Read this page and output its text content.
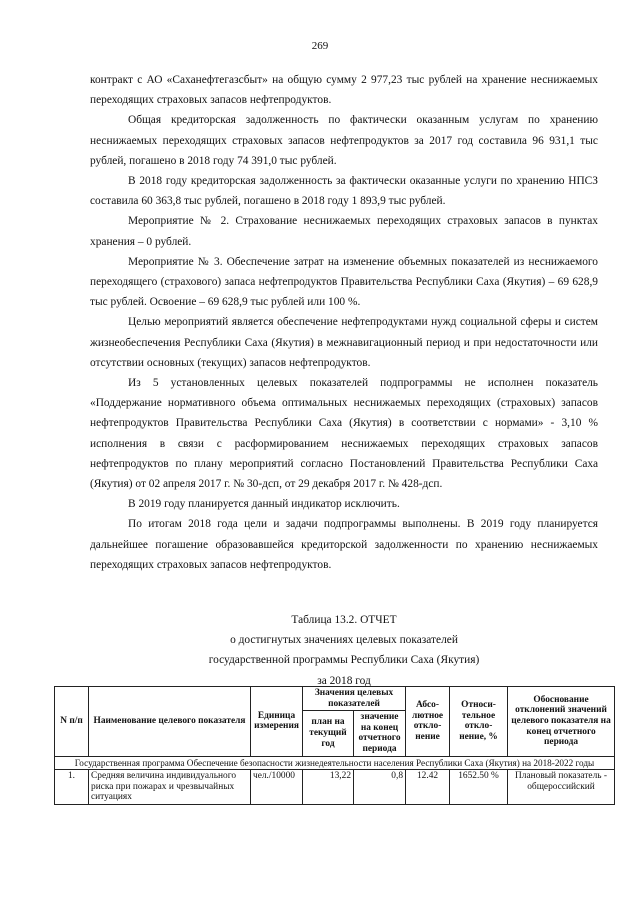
269

контракт с АО «Саханефтегазсбыт» на общую сумму 2 977,23 тыс рублей на хранение неснижаемых переходящих страховых запасов нефтепродуктов.

Общая кредиторская задолженность по фактически оказанным услугам по хранению неснижаемых переходящих страховых запасов нефтепродуктов за 2017 год составила 96 931,1 тыс рублей, погашено в 2018 году 74 391,0 тыс рублей.

В 2018 году кредиторская задолженность за фактически оказанные услуги по хранению НПСЗ составила 60 363,8 тыс рублей, погашено в 2018 году 1 893,9 тыс рублей.

Мероприятие № 2. Страхование неснижаемых переходящих страховых запасов в пунктах хранения – 0 рублей.

Мероприятие № 3. Обеспечение затрат на изменение объемных показателей из неснижаемого переходящего (страхового) запаса нефтепродуктов Правительства Республики Саха (Якутия) – 69 628,9 тыс рублей. Освоение – 69 628,9 тыс рублей или 100 %.

Целью мероприятий является обеспечение нефтепродуктами нужд социальной сферы и систем жизнеобеспечения Республики Саха (Якутия) в межнавигационный период и при недостаточности или отсутствии основных (текущих) запасов нефтепродуктов.

Из 5 установленных целевых показателей подпрограммы не исполнен показатель «Поддержание нормативного объема оптимальных неснижаемых переходящих (страховых) запасов нефтепродуктов Правительства Республики Саха (Якутия) в соответствии с нормами» - 3,10 % исполнения в связи с расформированием неснижаемых переходящих страховых запасов нефтепродуктов по плану мероприятий согласно Постановлений Правительства Республики Саха (Якутия) от 02 апреля 2017 г. № 30-дсп, от 29 декабря 2017 г. № 428-дсп.

В 2019 году планируется данный индикатор исключить.

По итогам 2018 года цели и задачи подпрограммы выполнены. В 2019 году планируется дальнейшее погашение образовавшейся кредиторской задолженности по хранению неснижаемых переходящих страховых запасов нефтепродуктов.

Таблица 13.2. ОТЧЕТ
о достигнутых значениях целевых показателей
государственной программы Республики Саха (Якутия)
за 2018 год
N п/п	Наименование целевого показателя	Единица измерения	Значения целевых показателей		Абсо-лютное откло-нение	Относи-тельное откло-нение, %	Обоснование отклонений значений целевого показателя на конец отчетного периода
			план на текущий год	значение на конец отчетного периода			
Государственная программа Обеспечение безопасности жизнедеятельности населения Республики Саха (Якутия) на 2018-2022 годы							
1.	Средняя величина индивидуального риска при пожарах и чрезвычайных ситуациях	чел./10000	13,22	0,8	12.42	1652.50 %	Плановый показатель - общероссийский
